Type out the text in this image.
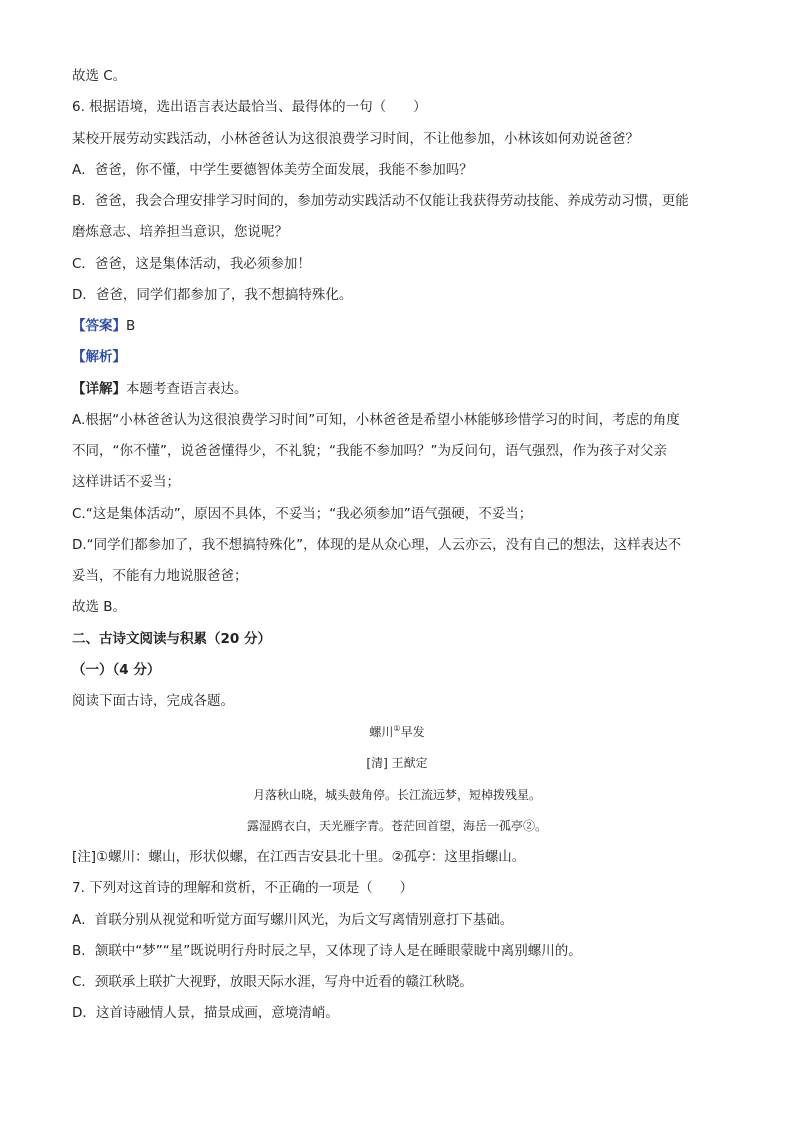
故选 C。
6. 根据语境，选出语言表达最恰当、最得体的一句（　　）
某校开展劳动实践活动，小林爸爸认为这很浪费学习时间，不让他参加，小林该如何劝说爸爸？
A．爸爸，你不懂，中学生要德智体美劳全面发展，我能不参加吗？
B．爸爸，我会合理安排学习时间的，参加劳动实践活动不仅能让我获得劳动技能、养成劳动习惯，更能
磨炼意志、培养担当意识，您说呢？
C．爸爸，这是集体活动，我必须参加！
D．爸爸，同学们都参加了，我不想搞特殊化。
【答案】B
【解析】
【详解】本题考查语言表达。
A.根据“小林爸爸认为这很浪费学习时间”可知，小林爸爸是希望小林能够珍惜学习的时间，考虑的角度
不同，“你不懂”，说爸爸懂得少，不礼貌；“我能不参加吗？”为反问句，语气强烈，作为孩子对父亲
这样讲话不妥当；
C.“这是集体活动”，原因不具体，不妥当；“我必须参加”语气强硬，不妥当；
D.“同学们都参加了，我不想搞特殊化”，体现的是从众心理，人云亦云，没有自己的想法，这样表达不
妥当，不能有力地说服爸爸；
故选 B。
二、古诗文阅读与积累（20 分）
（一）（4 分）
阅读下面古诗，完成各题。
螺川①早发
[清] 王猷定
月落秋山晓，城头鼓角停。长江流远梦，短棹拨残星。
露湿鸥衣白，天光雁字青。苍茫回首望，海岳一孤亭②。
[注]①螺川：螺山，形状似螺，在江西吉安县北十里。②孤亭：这里指螺山。
7. 下列对这首诗的理解和赏析，不正确的一项是（　　）
A．首联分别从视觉和听觉方面写螺川风光，为后文写离情别意打下基础。
B．颔联中“梦”“星”既说明行舟时辰之早，又体现了诗人是在睡眼蒙眬中离别螺川的。
C．颈联承上联扩大视野，放眼天际水涯，写舟中近看的赣江秋晓。
D．这首诗融情人景，描景成画，意境清峭。
